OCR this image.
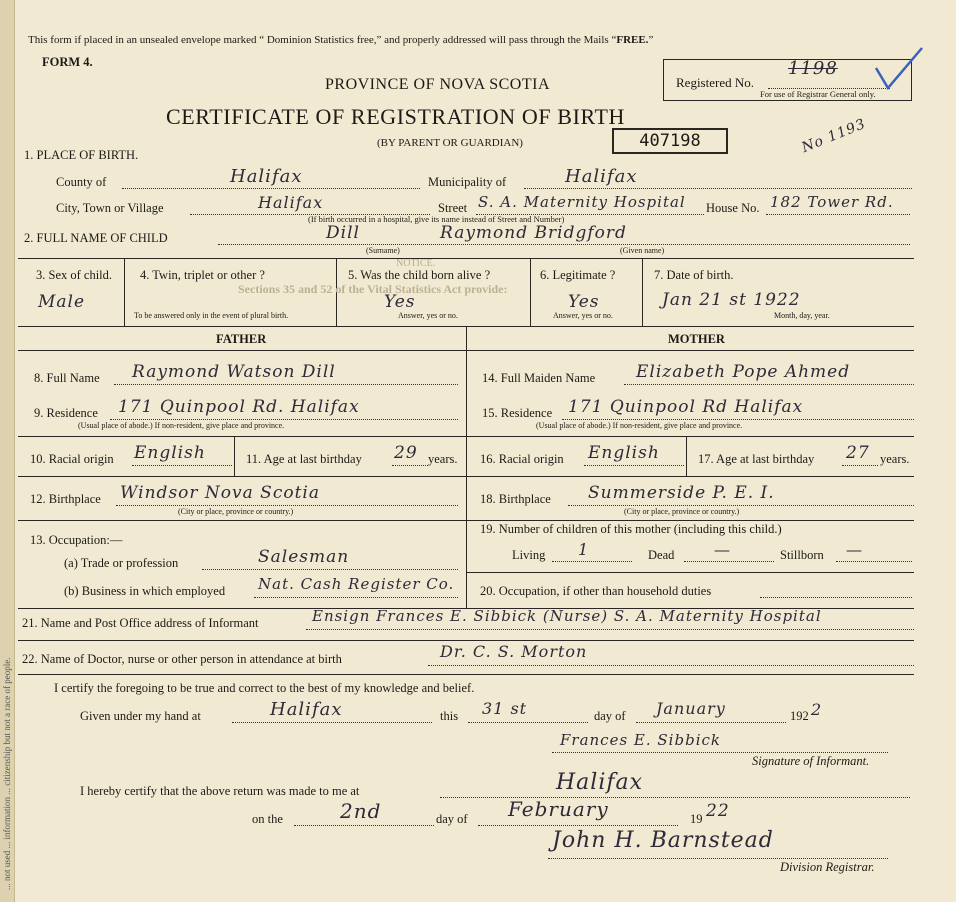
... not used ... information ... citizenship but not a race of people.
This form if placed in an unsealed envelope marked “ Dominion Statistics free,” and properly addressed will pass through the Mails “FREE.”
FORM 4.
Registered No.
1198
For use of Registrar General only.
PROVINCE OF NOVA SCOTIA
CERTIFICATE OF REGISTRATION OF BIRTH
(BY PARENT OR GUARDIAN)	407198	No 1193
1. PLACE OF BIRTH.
County of	Halifax	Municipality of	Halifax
City, Town or Village	Halifax	Street S. A. Maternity Hospital House No. 182 Tower Rd.
(If birth occurred in a hospital, give its name instead of Street and Number)
2. FULL NAME OF CHILD	Dill	Raymond Bridgford
(Surname)	(Given name)
3. Sex of child.
Male
4. Twin, triplet or other ?
To be answered only in the event of plural birth.
5. Was the child born alive ?
Yes
Answer, yes or no.
6. Legitimate ?
Yes
Answer, yes or no.
7. Date of birth.
Jan 21 st 1922
Month, day, year.
NOTICE.
Sections 35 and 52 of the Vital Statistics Act provide:
FATHER	MOTHER
8. Full Name Raymond Watson Dill
9. Residence 171 Quinpool Rd. Halifax
(Usual place of abode.) If non-resident, give place and province.
10. Racial origin English	11. Age at last birthday 29 years.
12. Birthplace Windsor Nova Scotia
(City or place, province or country.)
13. Occupation:—
(a) Trade or profession	Salesman
(b) Business in which employed Nat. Cash Register Co.
14. Full Maiden Name Elizabeth Pope Ahmed
15. Residence 171 Quinpool Rd Halifax
(Usual place of abode.) If non-resident, give place and province.
16. Racial origin English	17. Age at last birthday 27 years.
18. Birthplace Summerside P. E. I.
(City or place, province or country.)
19. Number of children of this mother (including this child.)
Living 1	Dead —	Stillborn —
20. Occupation, if other than household duties
21. Name and Post Office address of Informant	Ensign Frances E. Sibbick (Nurse) S. A. Maternity Hospital
22. Name of Doctor, nurse or other person in attendance at birth	Dr. C. S. Morton
I certify the foregoing to be true and correct to the best of my knowledge and belief.
Given under my hand at	Halifax	this 31 st	day of January	192 2
Frances E. Sibbick
Signature of Informant.
I hereby certify that the above return was made to me at	Halifax
on the	2nd	day of February	19 22
John H. Barnstead
Division Registrar.
